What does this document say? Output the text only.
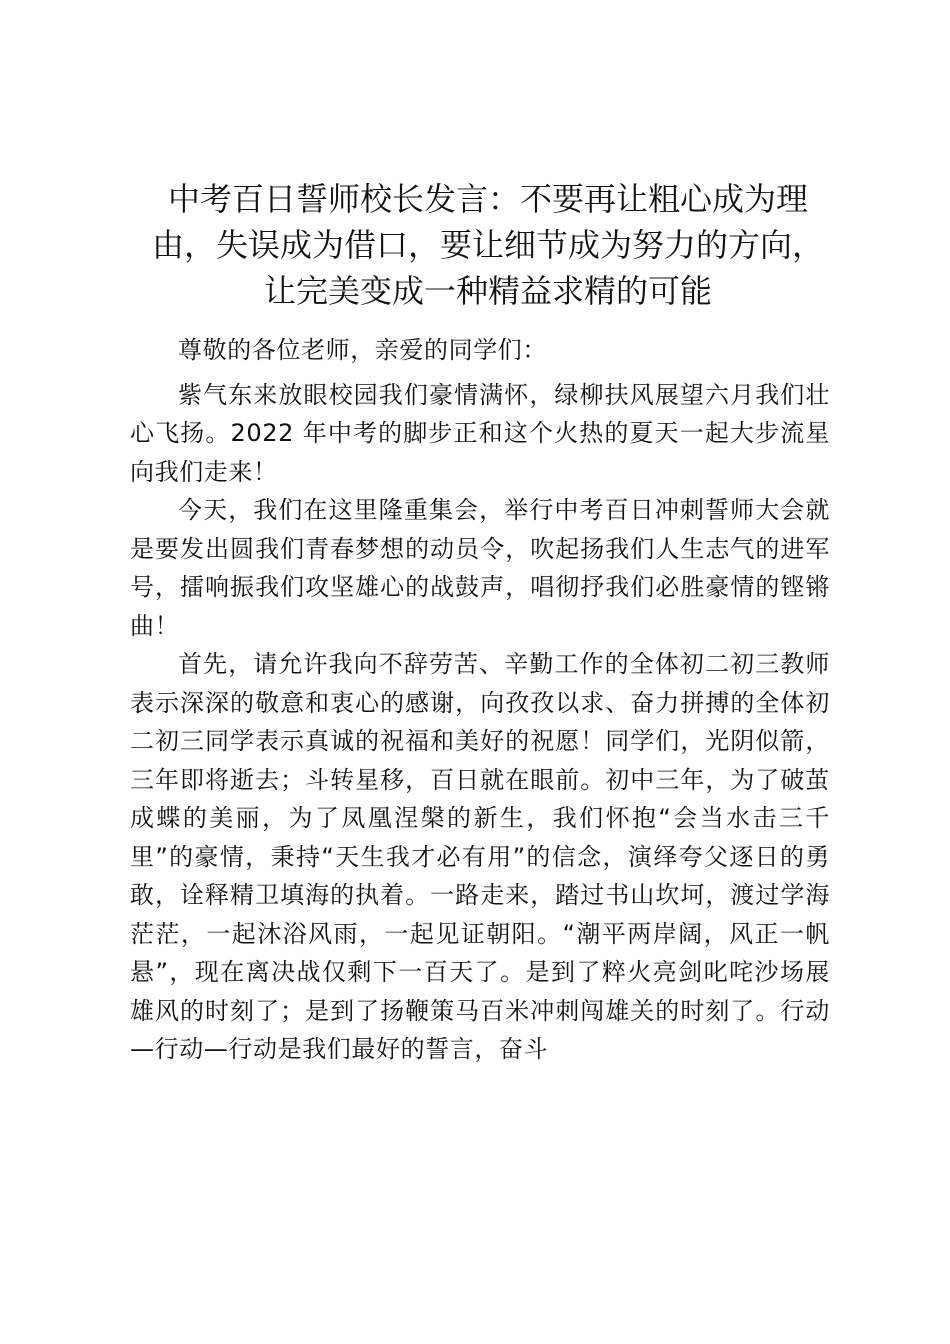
中考百日誓师校长发言：不要再让粗心成为理
由，失误成为借口，要让细节成为努力的方向，
让完美变成一种精益求精的可能

尊敬的各位老师，亲爱的同学们：

紫气东来放眼校园我们豪情满怀，绿柳扶风展望六月我们壮心飞扬。2022 年中考的脚步正和这个火热的夏天一起大步流星向我们走来！

今天，我们在这里隆重集会，举行中考百日冲刺誓师大会就是要发出圆我们青春梦想的动员令，吹起扬我们人生志气的进军号，擂响振我们攻坚雄心的战鼓声，唱彻抒我们必胜豪情的铿锵曲！

首先，请允许我向不辞劳苦、辛勤工作的全体初二初三教师表示深深的敬意和衷心的感谢，向孜孜以求、奋力拼搏的全体初二初三同学表示真诚的祝福和美好的祝愿！同学们，光阴似箭，三年即将逝去；斗转星移，百日就在眼前。初中三年，为了破茧成蝶的美丽，为了凤凰涅槃的新生，我们怀抱“会当水击三千里”的豪情，秉持“天生我才必有用”的信念，演绎夸父逐日的勇敢，诠释精卫填海的执着。一路走来，踏过书山坎坷，渡过学海茫茫，一起沐浴风雨，一起见证朝阳。“潮平两岸阔，风正一帆悬”，现在离决战仅剩下一百天了。是到了粹火亮剑叱咤沙场展雄风的时刻了；是到了扬鞭策马百米冲刺闯雄关的时刻了。行动—行动—行动是我们最好的誓言，奋斗
